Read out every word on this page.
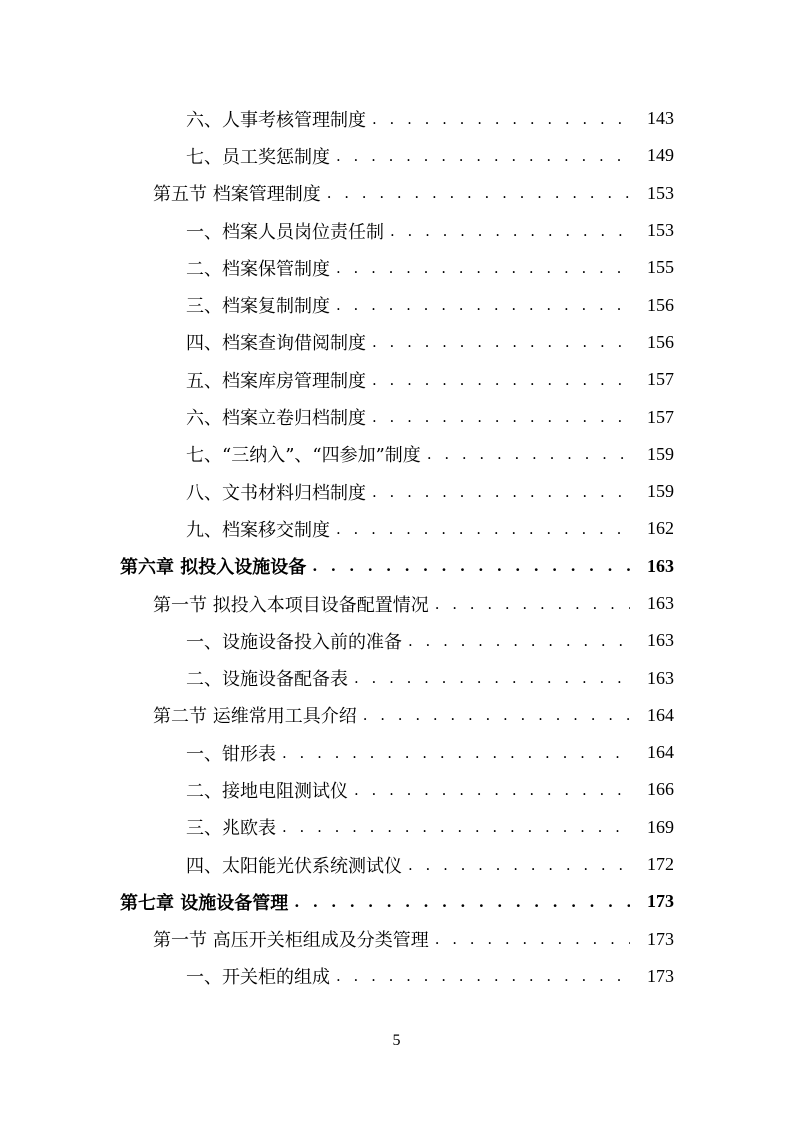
六、人事考核管理制度 . . .	143
七、员工奖惩制度 . . .	149
第五节 档案管理制度 . . .	153
一、档案人员岗位责任制 . . .	153
二、档案保管制度 . . .	155
三、档案复制制度 . . .	156
四、档案查询借阅制度 . . .	156
五、档案库房管理制度 . . .	157
六、档案立卷归档制度 . . .	157
七、“三纳入”、“四参加”制度 . . .	159
八、文书材料归档制度 . . .	159
九、档案移交制度 . . .	162
第六章 拟投入设施设备 . . .	163
第一节 拟投入本项目设备配置情况 . . .	163
一、设施设备投入前的准备 . . .	163
二、设施设备配备表 . . .	163
第二节 运维常用工具介绍 . . .	164
一、钳形表 . . .	164
二、接地电阻测试仪 . . .	166
三、兆欧表 . . .	169
四、太阳能光伏系统测试仪 . . .	172
第七章 设施设备管理 . . .	173
第一节 高压开关柜组成及分类管理 . . .	173
一、开关柜的组成 . . .	173
5
